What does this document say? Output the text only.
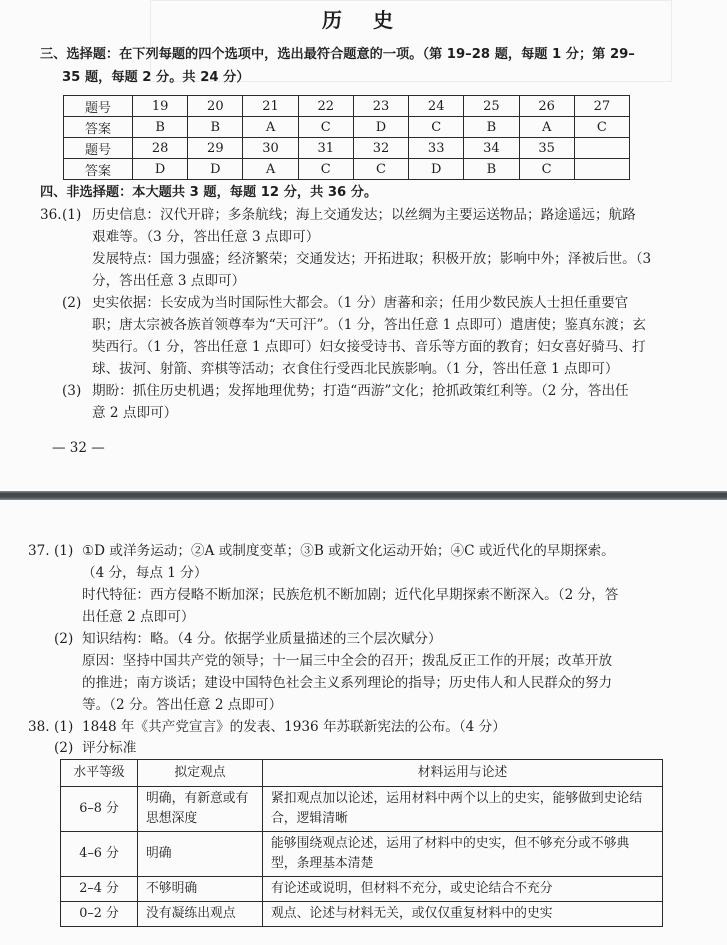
历 史
三、选择题：在下列每题的四个选项中，选出最符合题意的一项。（第 19–28 题，每题 1 分；第 29–
35 题，每题 2 分。共 24 分）
题号	19	20	21	22	23	24	25	26	27
答案	B	B	A	C	D	C	B	A	C
题号	28	29	30	31	32	33	34	35	
答案	D	D	A	C	C	D	B	C	
四、非选择题：本大题共 3 题，每题 12 分，共 36 分。
36. (1) 历史信息：汉代开辟；多条航线；海上交通发达；以丝绸为主要运送物品；路途遥远；航路
艰难等。（3 分，答出任意 3 点即可）
发展特点：国力强盛；经济繁荣；交通发达；开拓进取；积极开放；影响中外；泽被后世。（3
分，答出任意 3 点即可）
(2) 史实依据：长安成为当时国际性大都会。（1 分）唐蕃和亲；任用少数民族人士担任重要官
职；唐太宗被各族首领尊奉为“天可汗”。（1 分，答出任意 1 点即可）遣唐使；鉴真东渡；玄
奘西行。（1 分，答出任意 1 点即可）妇女接受诗书、音乐等方面的教育；妇女喜好骑马、打
球、拔河、射箭、弈棋等活动；衣食住行受西北民族影响。（1 分，答出任意 1 点即可）
(3) 期盼：抓住历史机遇；发挥地理优势；打造“西游”文化；抢抓政策红利等。（2 分，答出任
意 2 点即可）
— 32 —
37. (1) ①D 或洋务运动；②A 或制度变革；③B 或新文化运动开始；④C 或近代化的早期探索。
（4 分，每点 1 分）
时代特征：西方侵略不断加深；民族危机不断加剧；近代化早期探索不断深入。（2 分，答
出任意 2 点即可）
(2) 知识结构：略。（4 分。依据学业质量描述的三个层次赋分）
原因：坚持中国共产党的领导；十一届三中全会的召开；拨乱反正工作的开展；改革开放
的推进；南方谈话；建设中国特色社会主义系列理论的指导；历史伟人和人民群众的努力
等。（2 分。答出任意 2 点即可）
38. (1) 1848 年《共产党宣言》的发表、1936 年苏联新宪法的公布。（4 分）
(2) 评分标准
水平等级	拟定观点	材料运用与论述
6–8 分	明确，有新意或有思想深度	紧扣观点加以论述，运用材料中两个以上的史实，能够做到史论结合，逻辑清晰
4–6 分	明确	能够围绕观点论述，运用了材料中的史实，但不够充分或不够典型，条理基本清楚
2–4 分	不够明确	有论述或说明，但材料不充分，或史论结合不充分
0–2 分	没有凝练出观点	观点、论述与材料无关，或仅仅重复材料中的史实
